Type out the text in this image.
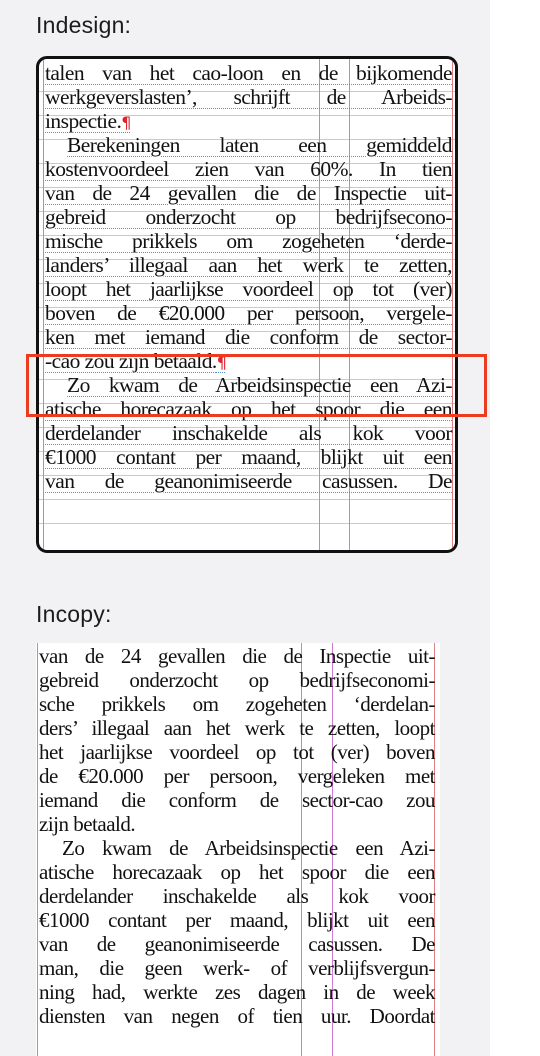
Indesign:
talen van het cao-loon en de bijkomende
werkgeverslasten’, schrijft de Arbeids-
inspectie.¶
Berekeningen laten een gemiddeld
kostenvoordeel zien van 60%. In tien
van de 24 gevallen die de Inspectie uit-
gebreid onderzocht op bedrijfsecono-
mische prikkels om zogeheten ‘derde-
landers’ illegaal aan het werk te zetten,
loopt het jaarlijkse voordeel op tot (ver)
boven de €20.000 per persoon, vergele-
ken met iemand die conform de sector-
-cao zou zijn betaald.¶
Zo kwam de Arbeidsinspectie een Azi-
atische horecazaak op het spoor die een
derdelander inschakelde als kok voor
€1000 contant per maand, blijkt uit een
van de geanonimiseerde casussen. De
Incopy:
van de 24 gevallen die de Inspectie uit-
gebreid onderzocht op bedrijfseconomi-
sche prikkels om zogeheten ‘derdelan-
ders’ illegaal aan het werk te zetten, loopt
het jaarlijkse voordeel op tot (ver) boven
de €20.000 per persoon, vergeleken met
iemand die conform de sector-cao zou
zijn betaald.
Zo kwam de Arbeidsinspectie een Azi-
atische horecazaak op het spoor die een
derdelander inschakelde als kok voor
€1000 contant per maand, blijkt uit een
van de geanonimiseerde casussen. De
man, die geen werk- of verblijfsvergun-
ning had, werkte zes dagen in de week
diensten van negen of tien uur. Doordat
